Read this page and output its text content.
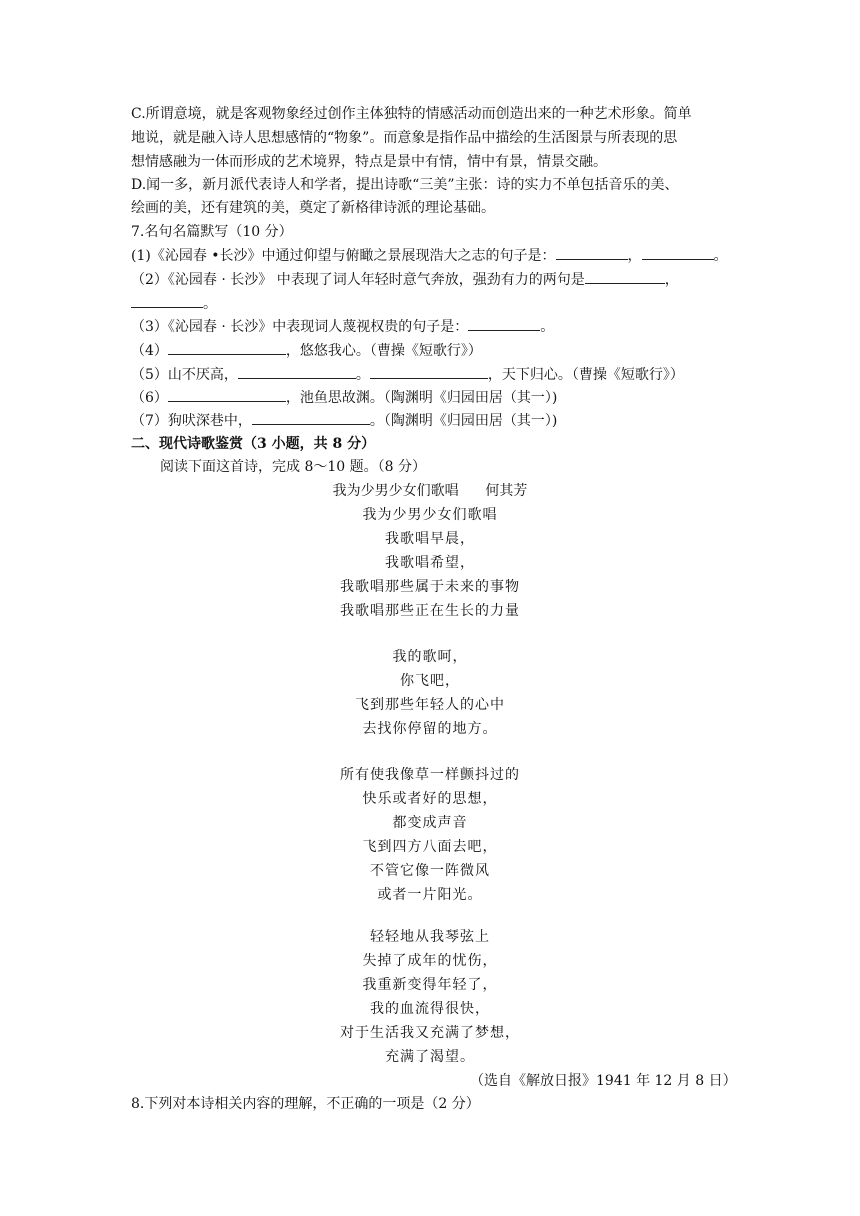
C.所谓意境，就是客观物象经过创作主体独特的情感活动而创造出来的一种艺术形象。简单
地说，就是融入诗人思想感情的“物象”。而意象是指作品中描绘的生活图景与所表现的思
想情感融为一体而形成的艺术境界，特点是景中有情，情中有景，情景交融。
D.闻一多，新月派代表诗人和学者，提出诗歌“三美”主张：诗的实力不单包括音乐的美、
绘画的美，还有建筑的美，奠定了新格律诗派的理论基础。
7.名句名篇默写（10 分）
(1)《沁园春 •长沙》中通过仰望与俯瞰之景展现浩大之志的句子是：	，	。
（2）《沁园春 · 长沙》 中表现了词人年轻时意气奔放，强劲有力的两句是	，
。
（3）《沁园春 · 长沙》中表现词人蔑视权贵的句子是：	。
（4）	，悠悠我心。（曹操《短歌行》）
（5）山不厌高，	。	，天下归心。（曹操《短歌行》）
（6）	，池鱼思故渊。（陶渊明《归园田居（其一）)
（7）狗吠深巷中，	。（陶渊明《归园田居（其一）)
二、现代诗歌鉴赏（3 小题，共 8 分）
阅读下面这首诗，完成 8～10 题。（8 分）
我为少男少女们歌唱      何其芳
我为少男少女们歌唱
我歌唱早晨，
我歌唱希望，
我歌唱那些属于未来的事物
我歌唱那些正在生长的力量
我的歌呵，
你飞吧，
飞到那些年轻人的心中
去找你停留的地方。
所有使我像草一样颤抖过的
快乐或者好的思想，
都变成声音
飞到四方八面去吧，
不管它像一阵微风
或者一片阳光。
轻轻地从我琴弦上
失掉了成年的忧伤，
我重新变得年轻了，
我的血流得很快，
对于生活我又充满了梦想，
充满了渴望。
（选自《解放日报》1941 年 12 月 8 日）
8.下列对本诗相关内容的理解，不正确的一项是（2 分）
